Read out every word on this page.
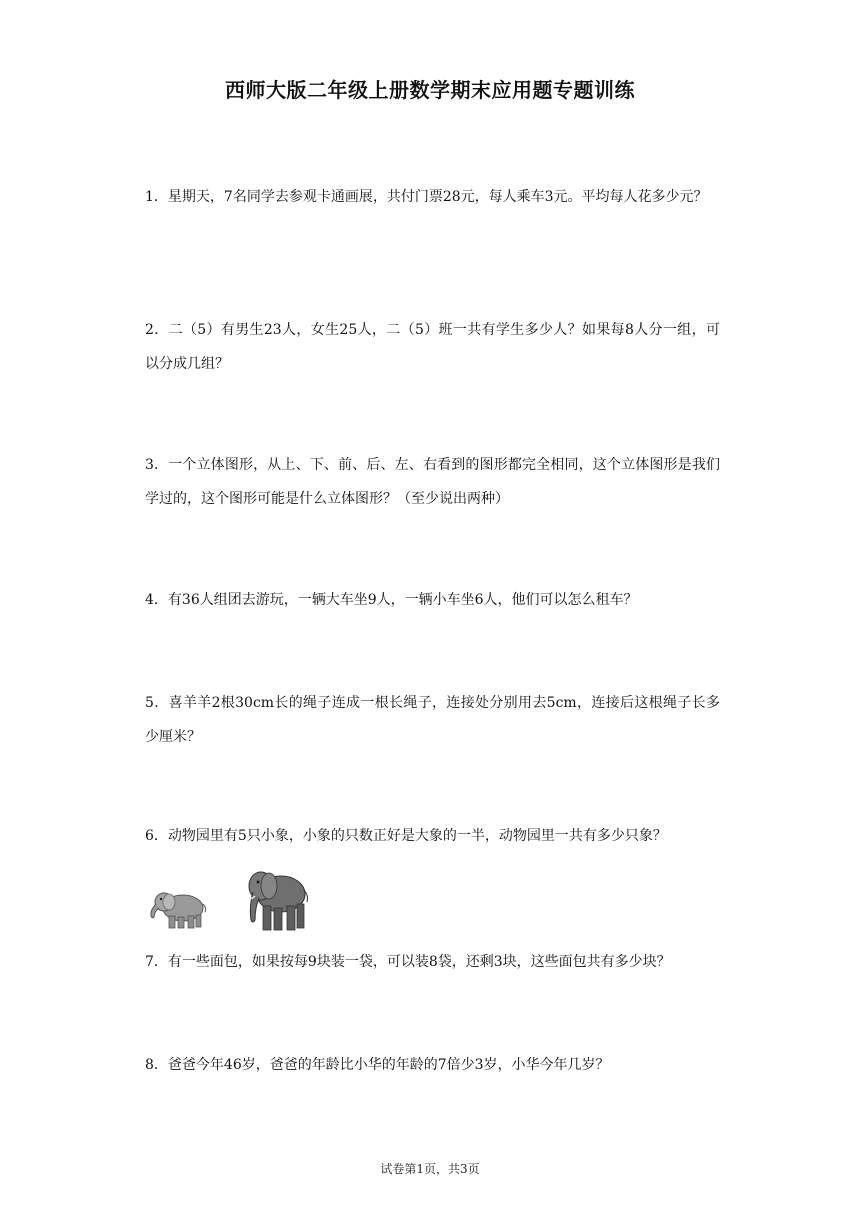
西师大版二年级上册数学期末应用题专题训练
1．星期天，7名同学去参观卡通画展，共付门票28元，每人乘车3元。平均每人花多少元？
2．二（5）有男生23人，女生25人，二（5）班一共有学生多少人？如果每8人分一组，可以分成几组？
3．一个立体图形，从上、下、前、后、左、右看到的图形都完全相同，这个立体图形是我们学过的，这个图形可能是什么立体图形？（至少说出两种）
4．有36人组团去游玩，一辆大车坐9人，一辆小车坐6人，他们可以怎么租车？
5．喜羊羊2根30cm长的绳子连成一根长绳子，连接处分别用去5cm，连接后这根绳子长多少厘米？
6．动物园里有5只小象，小象的只数正好是大象的一半，动物园里一共有多少只象？
7．有一些面包，如果按每9块装一袋，可以装8袋，还剩3块，这些面包共有多少块？
8．爸爸今年46岁，爸爸的年龄比小华的年龄的7倍少3岁，小华今年几岁？
试卷第1页，共3页
